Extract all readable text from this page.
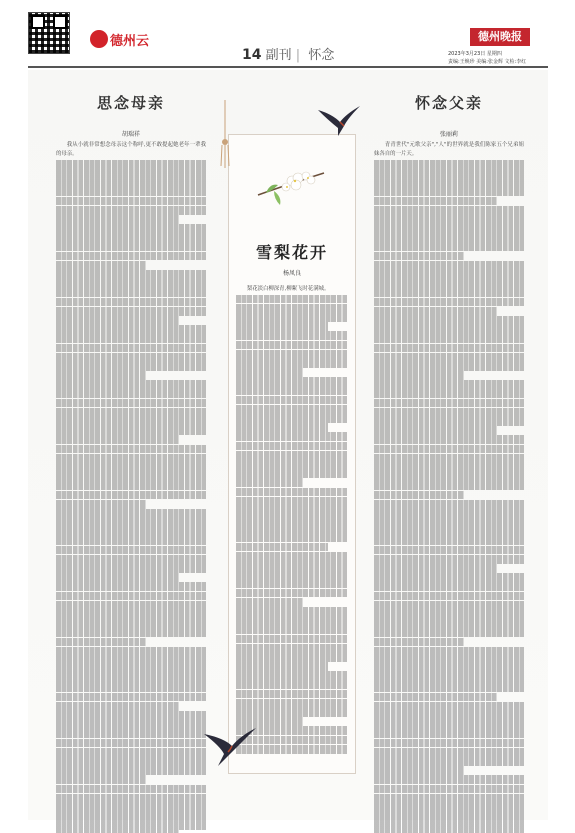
德州云
14 副刊 | 怀念
德州晚报
2023年3月23日 星期四
责编:王焕珍 美编:张金辉 文检:李红
思念母亲
胡瑞祥

我从小就非常想念母亲这个称呼,更不敢提起她老年一辈我的母亲。

雪梨花开
杨凤良

梨花淡白柳深青,柳絮飞时花满城。

怀念父亲
张丽莉

青青世代"元歌父亲","人"的世界就是我们陈家五个兄弟姐妹各自的一片天。
